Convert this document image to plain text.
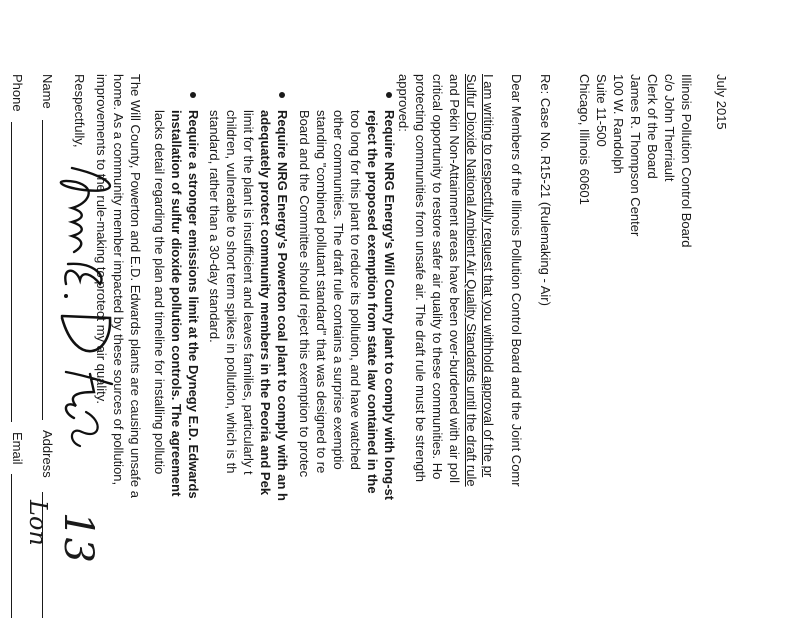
July 2015
Illinois Pollution Control Board
c/o John Therriault
Clerk of the Board
James R. Thompson Center
100 W. Randolph
Suite 11-500
Chicago, Illinois 60601
Re: Case No. R15-21 (Rulemaking - Air)
Dear Members of the Illinois Pollution Control Board and the Joint Comr
I am writing to respectfully request that you withhold approval of the pr
Sulfur Dioxide National Ambient Air Quality Standards until the draft rule
and Pekin Non-Attainment areas have been over-burdened with air poll
critical opportunity to restore safer air quality to these communities. Ho
protecting communities from unsafe air. The draft rule must be strength
approved:
Require NRG Energy's Will County plant to comply with long-st
reject the proposed exemption from state law contained in the
too long for this plant to reduce its pollution, and have watched
other communities. The draft rule contains a surprise exemptio
standing "combined pollutant standard" that was designed to re
Board and the Committee should reject this exemption to protec
Require NRG Energy's Powerton coal plant to comply with an h
adequately protect community members in the Peoria and Pek
limit for the plant is insufficient and leaves families, particularly t
children, vulnerable to short term spikes in pollution, which is th
standard, rather than a 30-day standard.
Require a stronger emissions limit at the Dynegy E.D. Edwards
installation of sulfur dioxide pollution controls. The agreement
lacks detail regarding the plan and timeline for installing pollutio
The Will County, Powerton and E.D. Edwards plants are causing unsafe a
home. As a community member impacted by these sources of pollution,
improvements to the rule-making to protect my air quality.
Respectfully,
Name
Address
Phone
Email
13
Lon
